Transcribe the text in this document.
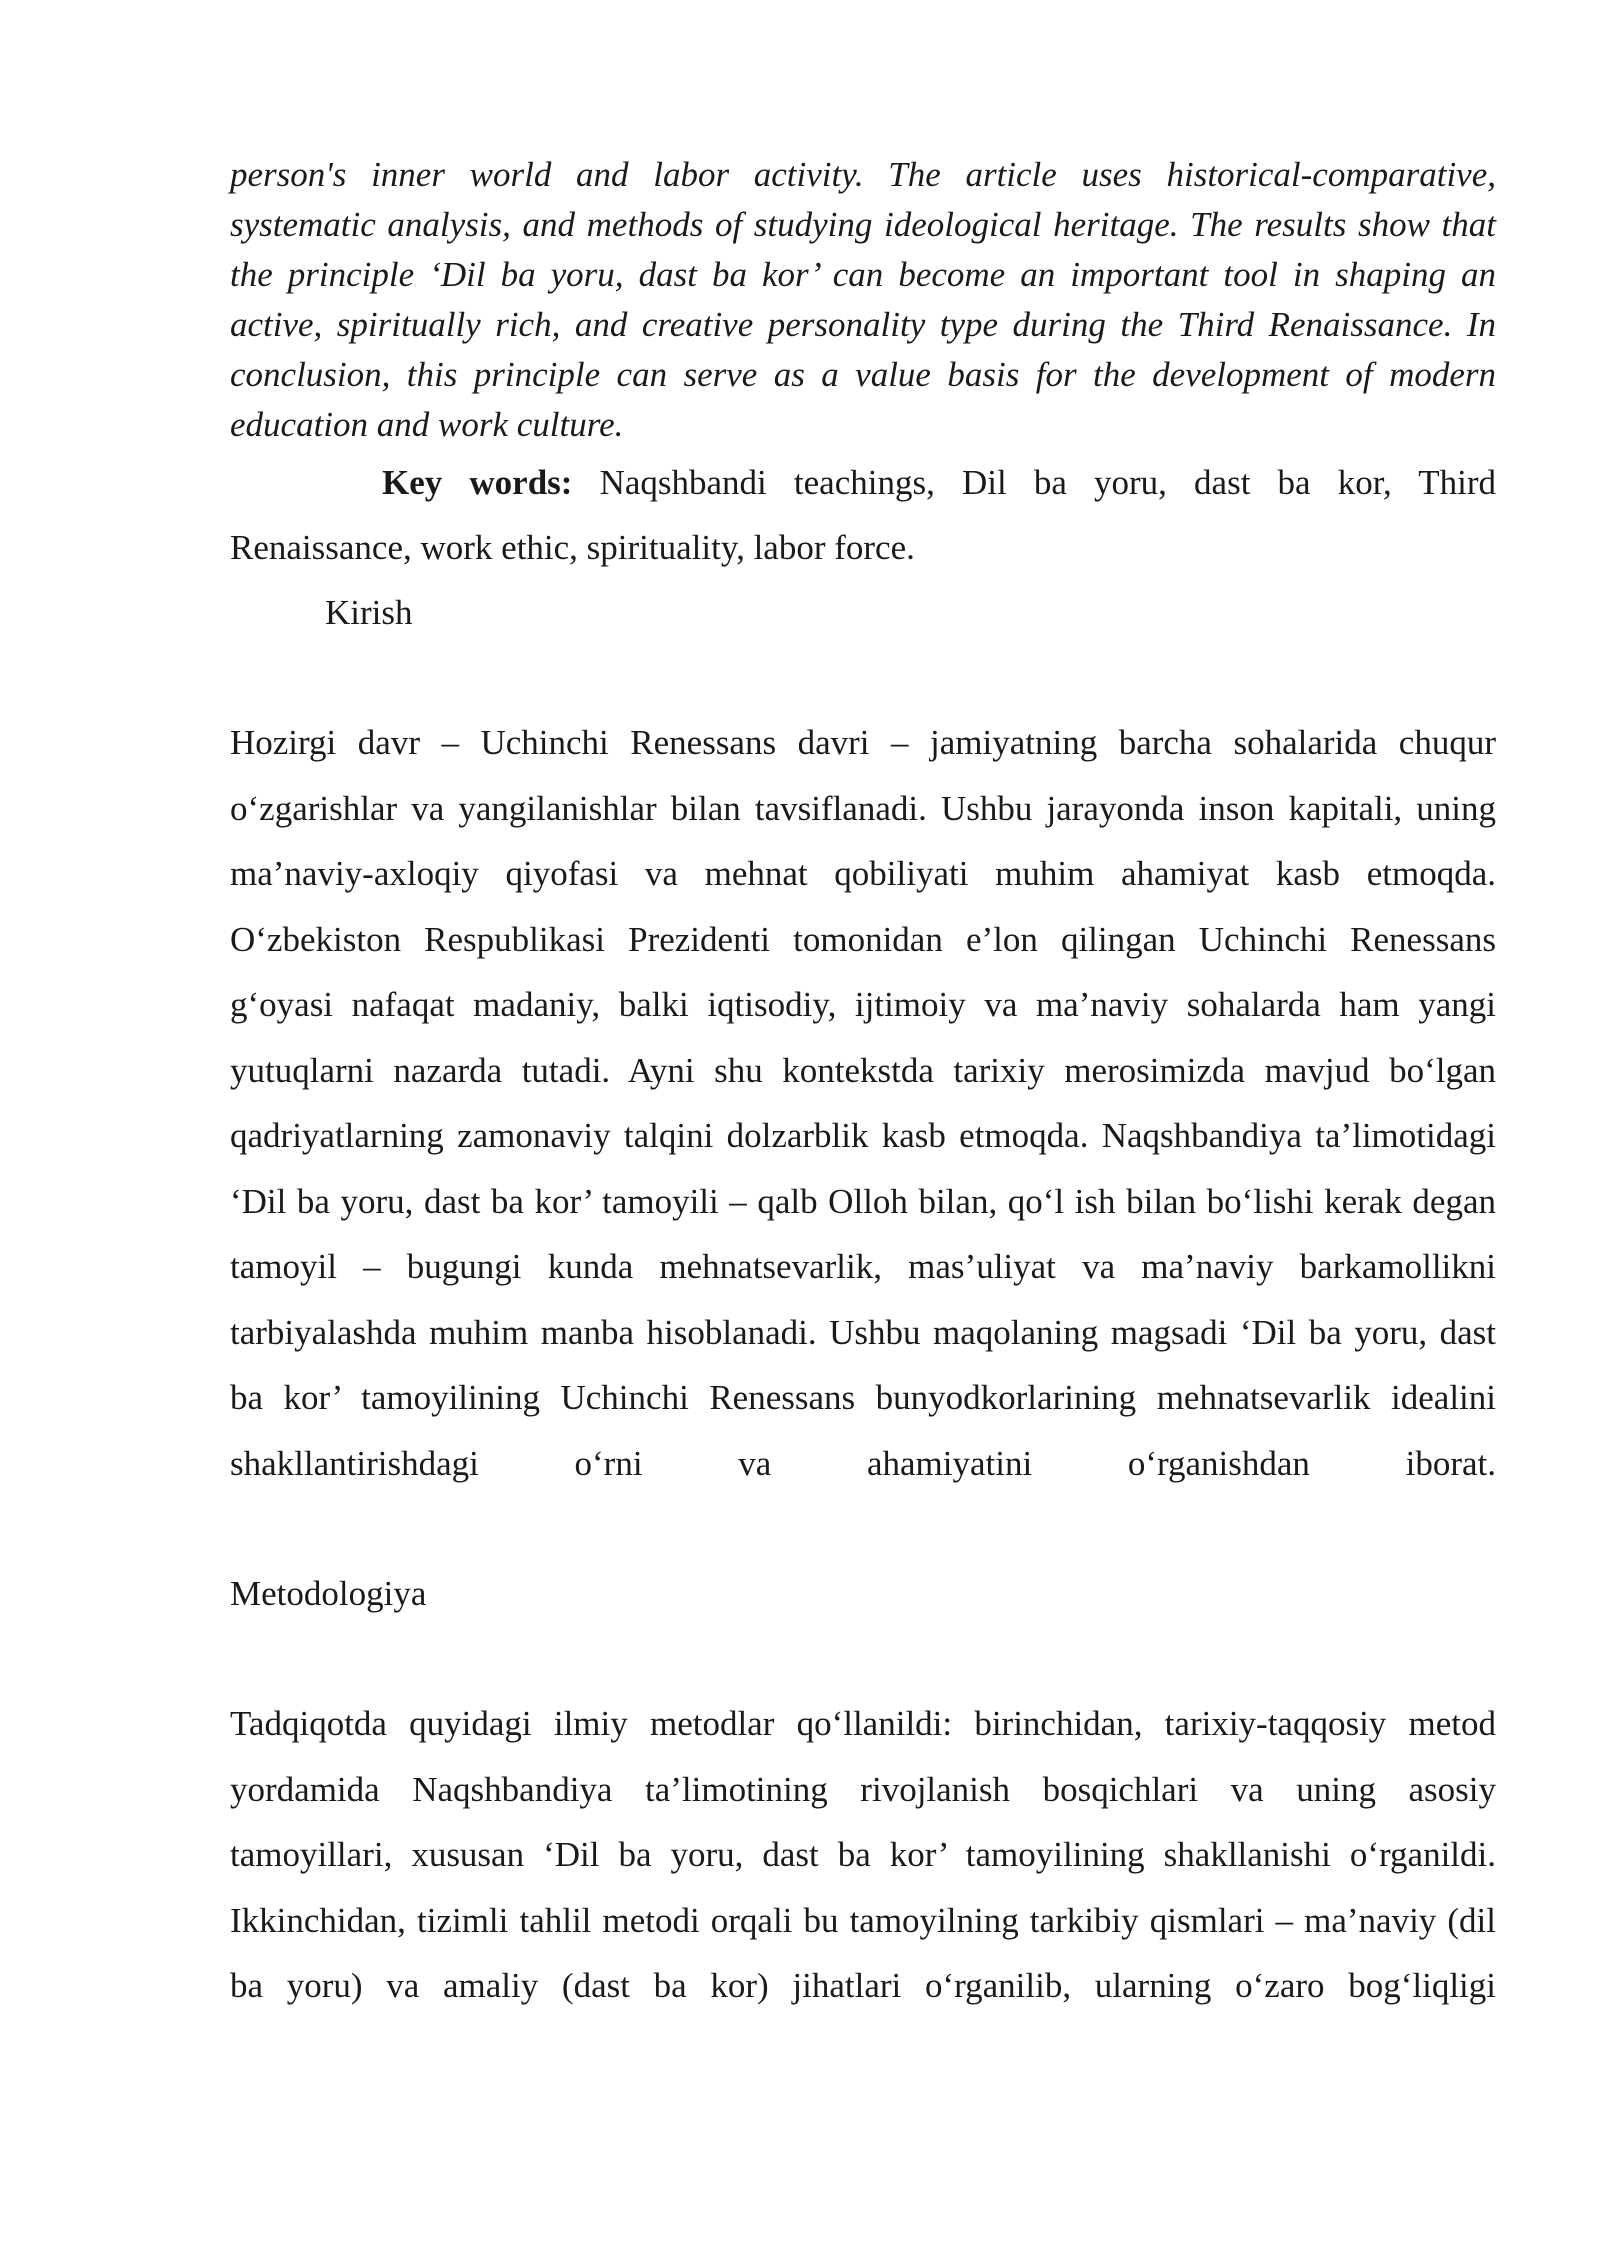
person's inner world and labor activity. The article uses historical-comparative, systematic analysis, and methods of studying ideological heritage. The results show that the principle ‘Dil ba yoru, dast ba kor’ can become an important tool in shaping an active, spiritually rich, and creative personality type during the Third Renaissance. In conclusion, this principle can serve as a value basis for the development of modern education and work culture.

Key words: Naqshbandi teachings, Dil ba yoru, dast ba kor, Third Renaissance, work ethic, spirituality, labor force.

Kirish

Hozirgi davr – Uchinchi Renessans davri – jamiyatning barcha sohalarida chuqur o‘zgarishlar va yangilanishlar bilan tavsiflanadi. Ushbu jarayonda inson kapitali, uning ma’naviy-axloqiy qiyofasi va mehnat qobiliyati muhim ahamiyat kasb etmoqda. O‘zbekiston Respublikasi Prezidenti tomonidan e’lon qilingan Uchinchi Renessans g‘oyasi nafaqat madaniy, balki iqtisodiy, ijtimoiy va ma’naviy sohalarda ham yangi yutuqlarni nazarda tutadi. Ayni shu kontekstda tarixiy merosimizda mavjud bo‘lgan qadriyatlarning zamonaviy talqini dolzarblik kasb etmoqda. Naqshbandiya ta’limotidagi ‘Dil ba yoru, dast ba kor’ tamoyili – qalb Olloh bilan, qo‘l ish bilan bo‘lishi kerak degan tamoyil – bugungi kunda mehnatsevarlik, mas’uliyat va ma’naviy barkamollikni tarbiyalashda muhim manba hisoblanadi. Ushbu maqolaning magsadi ‘Dil ba yoru, dast ba kor’ tamoyilining Uchinchi Renessans bunyodkorlarining mehnatsevarlik idealini shakllantirishdagi o‘rni va ahamiyatini o‘rganishdan iborat.

Metodologiya

Tadqiqotda quyidagi ilmiy metodlar qo‘llanildi: birinchidan, tarixiy-taqqosiy metod yordamida Naqshbandiya ta’limotining rivojlanish bosqichlari va uning asosiy tamoyillari, xususan ‘Dil ba yoru, dast ba kor’ tamoyilining shakllanishi o‘rganildi. Ikkinchidan, tizimli tahlil metodi orqali bu tamoyilning tarkibiy qismlari – ma’naviy (dil ba yoru) va amaliy (dast ba kor) jihatlari o‘rganilib, ularning o‘zaro bog‘liqligi
